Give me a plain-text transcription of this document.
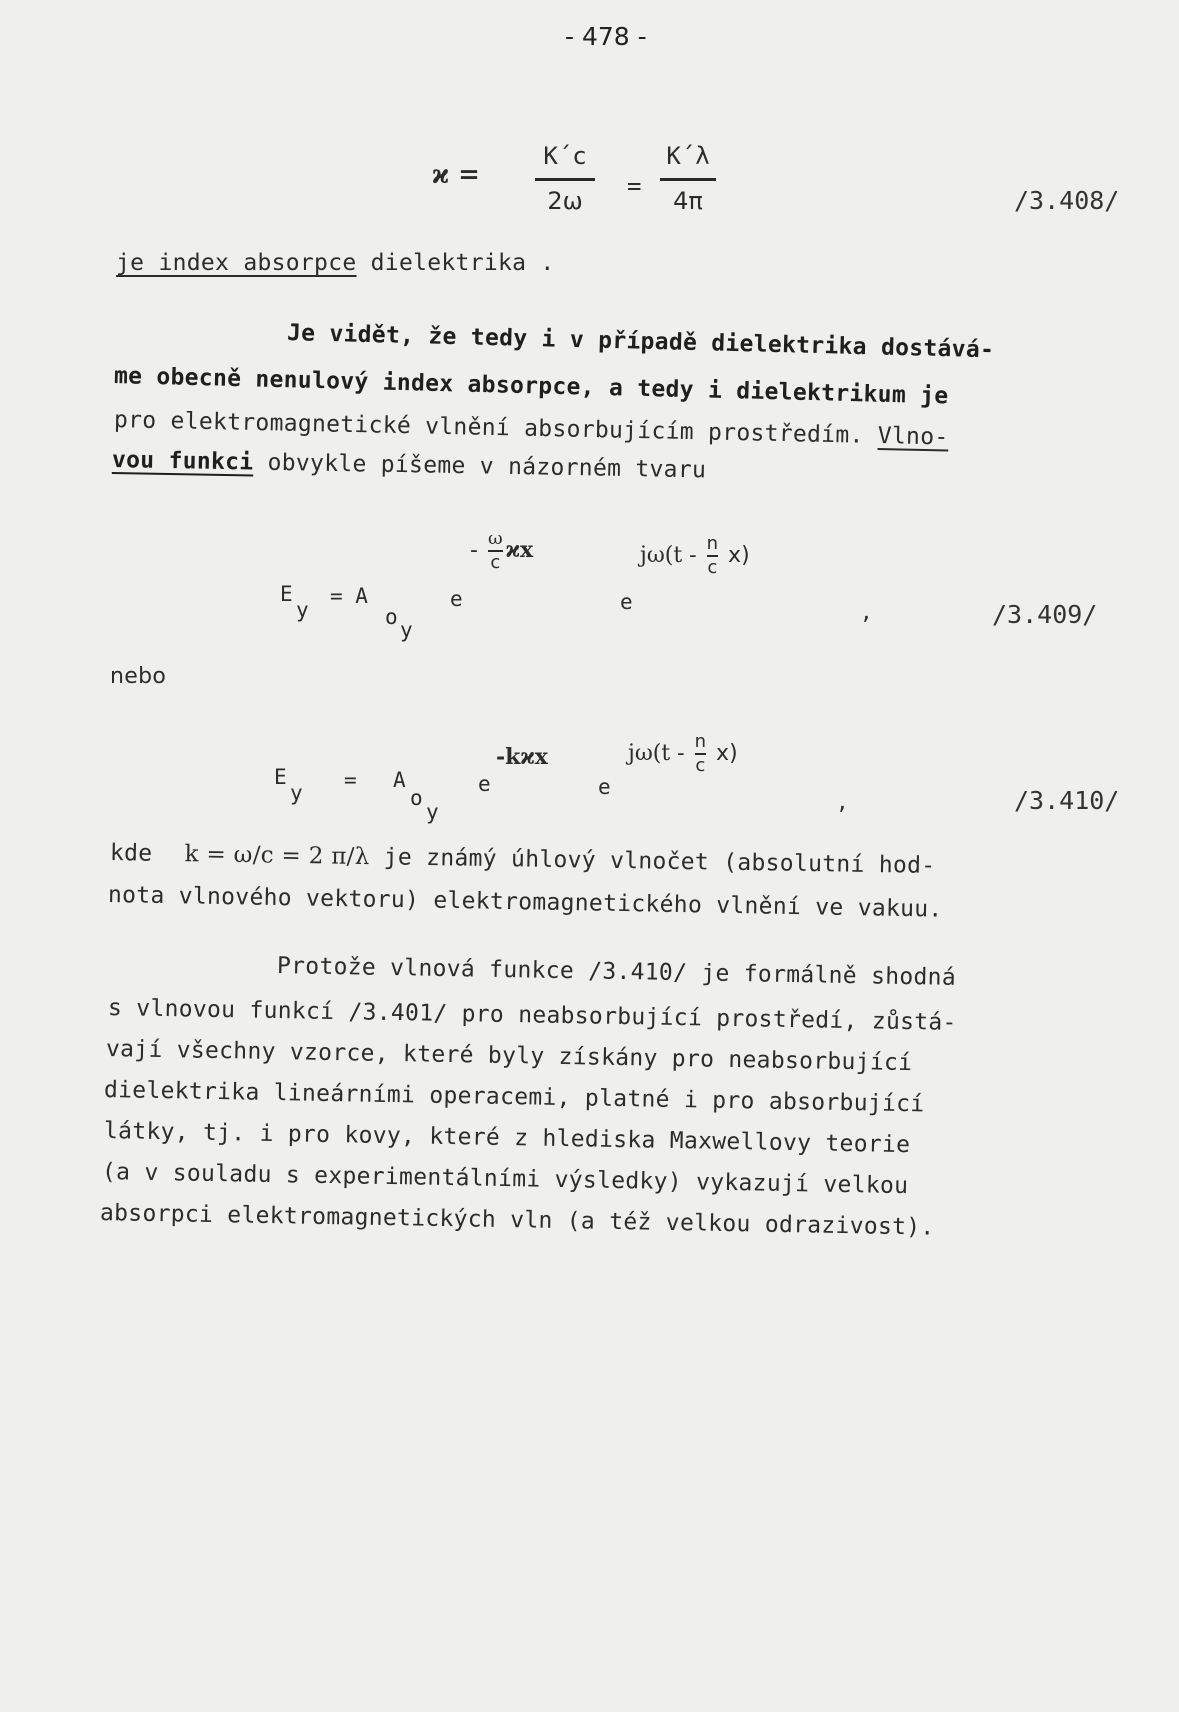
- 478 -
ϰ =
K´c
2ω
=
K´λ
4π	/3.408/
je index absorpce dielektrika .
Je vidět, že tedy i v případě dielektrika dostává-
me obecně nenulový index absorpce, a tedy i dielektrikum je
pro elektromagnetické vlnění absorbujícím prostředím. Vlno-
vou funkci obvykle píšeme v názorném tvaru
E
y
= A
o
y
e
- $\frac{\omega}{c}$ ϰx
e
$j\omega(t - \frac{n}{c} x)$
,	/3.409/
nebo
E
y
= A
o
y
e
-kϰx
e
$j\omega(t - \frac{n}{c} x)$
,	/3.410/
kde k = ω/c = 2 π/λ je známý úhlový vlnočet (absolutní hod-
nota vlnového vektoru) elektromagnetického vlnění ve vakuu.
Protože vlnová funkce /3.410/ je formálně shodná
s vlnovou funkcí /3.401/ pro neabsorbující prostředí, zůstá-
vají všechny vzorce, které byly získány pro neabsorbující
dielektrika lineárními operacemi, platné i pro absorbující
látky, tj. i pro kovy, které z hlediska Maxwellovy teorie
(a v souladu s experimentálními výsledky) vykazují velkou
absorpci elektromagnetických vln (a též velkou odrazivost).
